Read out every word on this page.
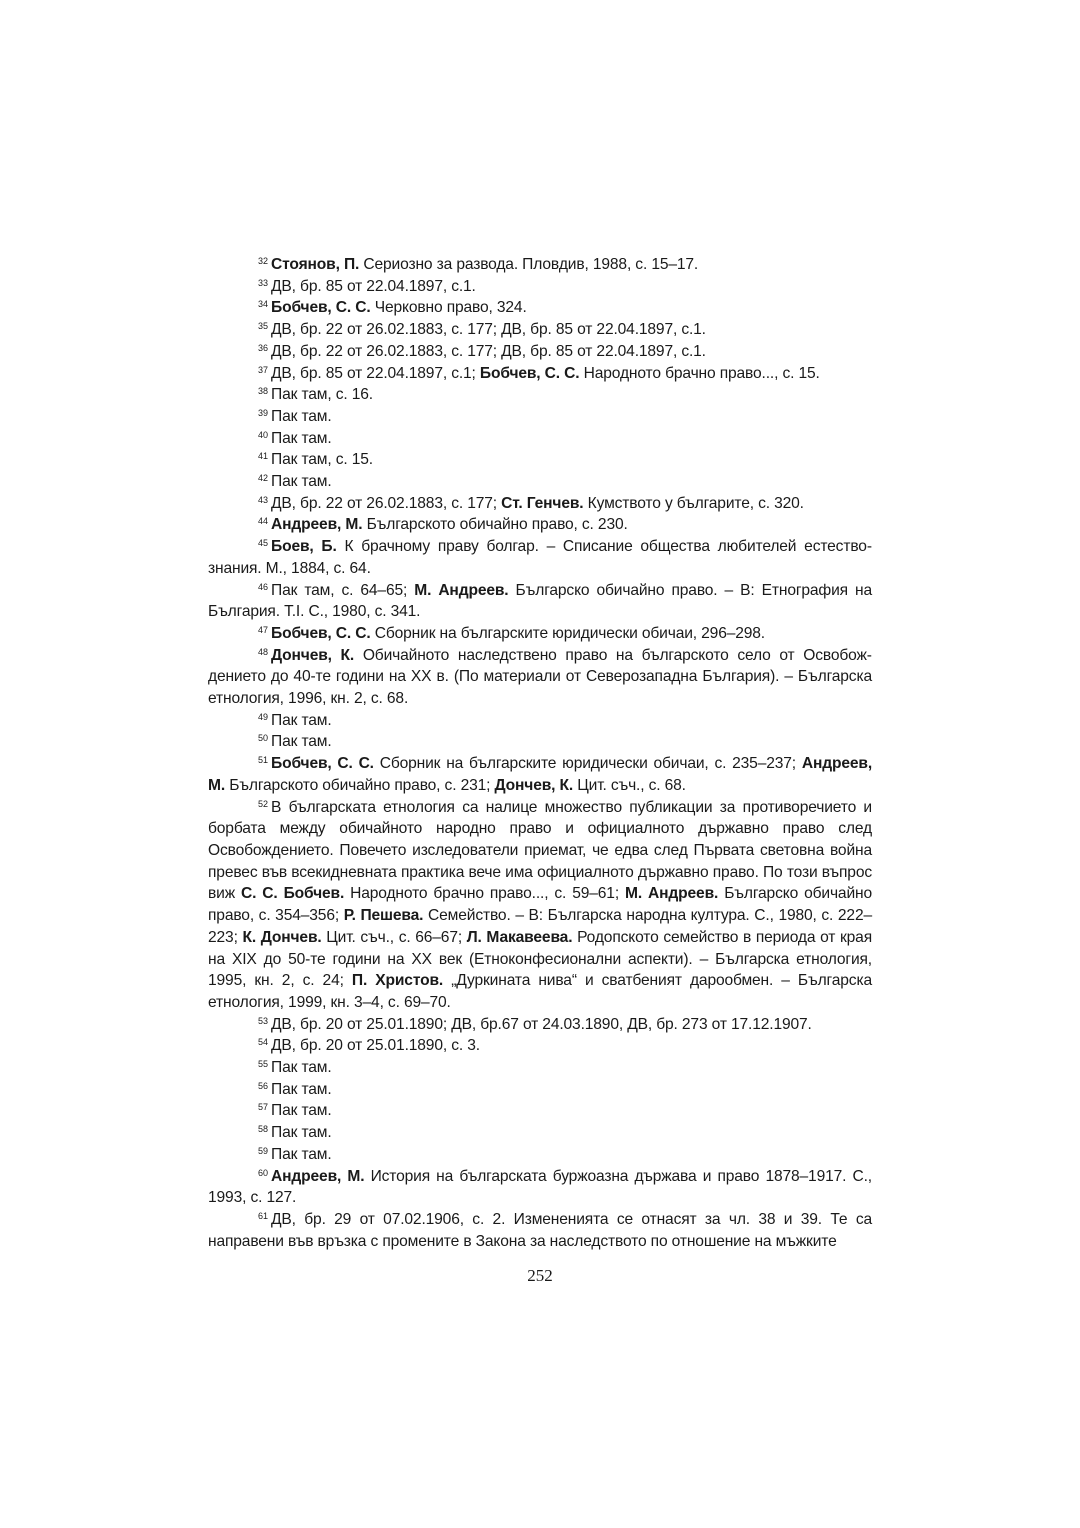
$^{32}$ Стоянов, П. Сериозно за развода. Пловдив, 1988, с. 15–17.

$^{33}$ ДВ, бр. 85 от 22.04.1897, с.1.

$^{34}$ Бобчев, С. С. Черковно право, 324.

$^{35}$ ДВ, бр. 22 от 26.02.1883, с. 177; ДВ, бр. 85 от 22.04.1897, с.1.

$^{36}$ ДВ, бр. 22 от 26.02.1883, с. 177; ДВ, бр. 85 от 22.04.1897, с.1.

$^{37}$ ДВ, бр. 85 от 22.04.1897, с.1; Бобчев, С. С. Народното брачно право..., с. 15.

$^{38}$ Пак там, с. 16.

$^{39}$ Пак там.

$^{40}$ Пак там.

$^{41}$ Пак там, с. 15.

$^{42}$ Пак там.

$^{43}$ ДВ, бр. 22 от 26.02.1883, с. 177; Ст. Генчев. Кумството у българите, с. 320.

$^{44}$ Андреев, М. Българското обичайно право, с. 230.

$^{45}$ Боев, Б. К брачному праву болгар. – Списание общества любителей естествознания. М., 1884, с. 64.

$^{46}$ Пак там, с. 64–65; М. Андреев. Българско обичайно право. – В: Етнография на България. Т.І. С., 1980, с. 341.

$^{47}$ Бобчев, С. С. Сборник на българските юридически обичаи, 296–298.

$^{48}$ Дончев, К. Обичайното наследствено право на българското село от Освобождението до 40-те години на ХХ в. (По материали от Северозападна България). – Българска етнология, 1996, кн. 2, с. 68.

$^{49}$ Пак там.

$^{50}$ Пак там.

$^{51}$ Бобчев, С. С. Сборник на българските юридически обичаи, с. 235–237; Андреев, М. Българското обичайно право, с. 231; Дончев, К. Цит. съч., с. 68.

$^{52}$ В българската етнология са налице множество публикации за противоречието и борбата между обичайното народно право и официалното държавно право след Освобождението. Повечето изследователи приемат, че едва след Първата световна война превес във всекидневната практика вече има официалното държавно право. По този въпрос виж С. С. Бобчев. Народното брачно право..., с. 59–61; М. Андреев. Българско обичайно право, с. 354–356; Р. Пешева. Семейство. – В: Българска народна култура. С., 1980, с. 222–223; К. Дончев. Цит. съч., с. 66–67; Л. Макавеева. Родопското семейство в периода от края на ХІХ до 50-те години на ХХ век (Етноконфесионални аспекти). – Българска етнология, 1995, кн. 2, с. 24; П. Христов. „Дуркината нива“ и сватбеният дарообмен. – Българска етнология, 1999, кн. 3–4, с. 69–70.

$^{53}$ ДВ, бр. 20 от 25.01.1890; ДВ, бр.67 от 24.03.1890, ДВ, бр. 273 от 17.12.1907.

$^{54}$ ДВ, бр. 20 от 25.01.1890, с. 3.

$^{55}$ Пак там.

$^{56}$ Пак там.

$^{57}$ Пак там.

$^{58}$ Пак там.

$^{59}$ Пак там.

$^{60}$ Андреев, М. История на българската буржоазна държава и право 1878–1917. С., 1993, с. 127.

$^{61}$ ДВ, бр. 29 от 07.02.1906, с. 2. Измененията се отнасят за чл. 38 и 39. Те са направени във връзка с промените в Закона за наследството по отношение на мъжките

252
